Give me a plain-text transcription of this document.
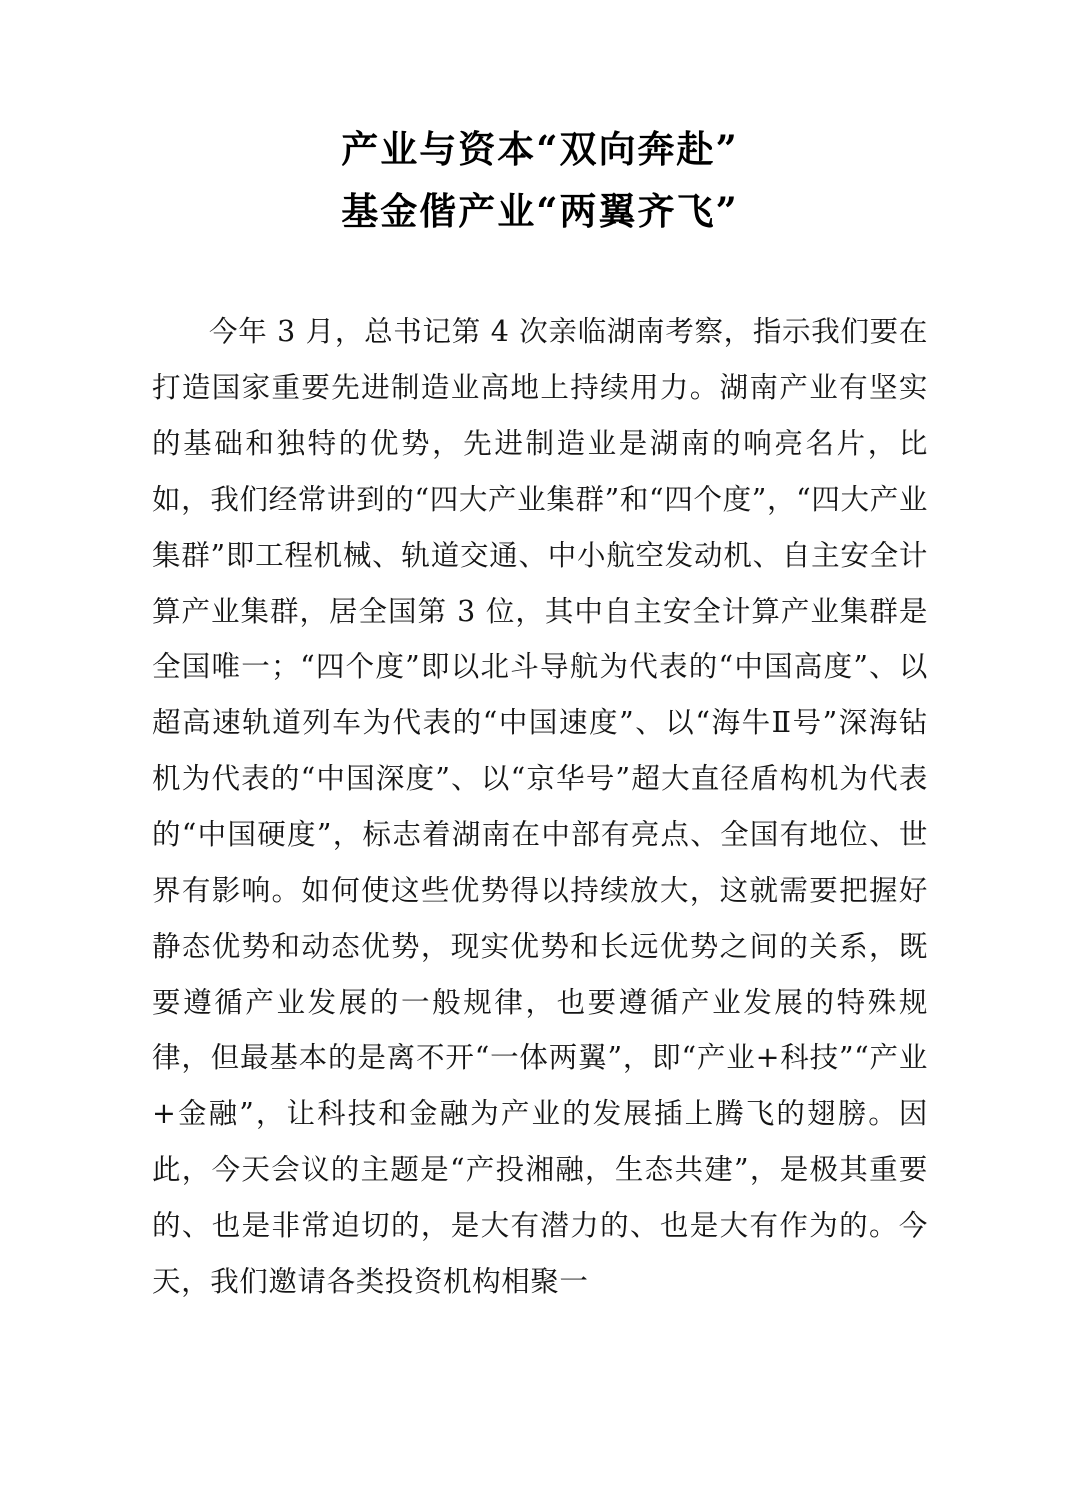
产业与资本“双向奔赴”
基金偕产业“两翼齐飞”

今年 3 月，总书记第 4 次亲临湖南考察，指示我们要在打造国家重要先进制造业高地上持续用力。湖南产业有坚实的基础和独特的优势，先进制造业是湖南的响亮名片，比如，我们经常讲到的“四大产业集群”和“四个度”，“四大产业集群”即工程机械、轨道交通、中小航空发动机、自主安全计算产业集群，居全国第 3 位，其中自主安全计算产业集群是全国唯一；“四个度”即以北斗导航为代表的“中国高度”、以超高速轨道列车为代表的“中国速度”、以“海牛Ⅱ号”深海钻机为代表的“中国深度”、以“京华号”超大直径盾构机为代表的“中国硬度”，标志着湖南在中部有亮点、全国有地位、世界有影响。如何使这些优势得以持续放大，这就需要把握好静态优势和动态优势，现实优势和长远优势之间的关系，既要遵循产业发展的一般规律，也要遵循产业发展的特殊规律，但最基本的是离不开“一体两翼”，即“产业+科技”“产业+金融”，让科技和金融为产业的发展插上腾飞的翅膀。因此，今天会议的主题是“产投湘融，生态共建”，是极其重要的、也是非常迫切的，是大有潜力的、也是大有作为的。今天，我们邀请各类投资机构相聚一
